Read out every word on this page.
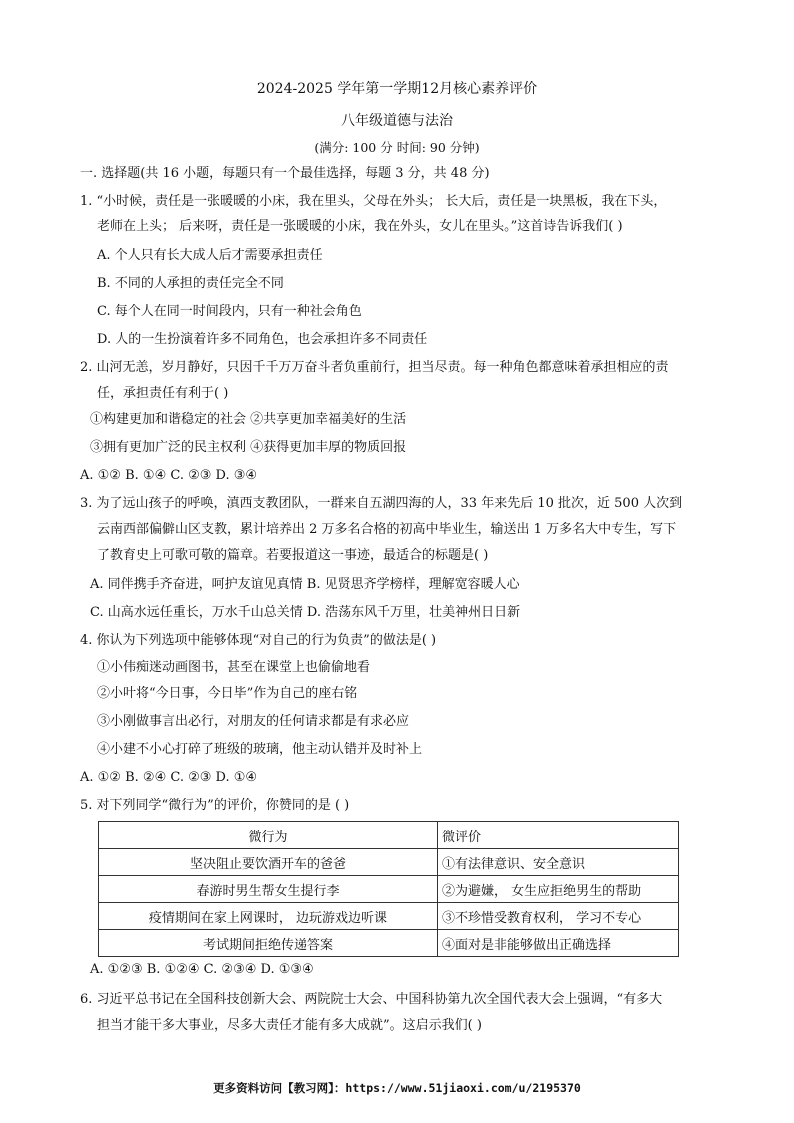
2024-2025 学年第一学期12月核心素养评价
八年级道德与法治
(满分: 100 分 时间: 90 分钟)
一. 选择题(共 16 小题，每题只有一个最佳选择，每题 3 分，共 48 分)
1. “小时候，责任是一张暖暖的小床，我在里头，父母在外头； 长大后，责任是一块黑板，我在下头，
老师在上头； 后来呀，责任是一张暖暖的小床，我在外头，女儿在里头。”这首诗告诉我们( )
A. 个人只有长大成人后才需要承担责任
B. 不同的人承担的责任完全不同
C. 每个人在同一时间段内，只有一种社会角色
D. 人的一生扮演着许多不同角色，也会承担许多不同责任
2. 山河无恙，岁月静好，只因千千万万奋斗者负重前行，担当尽责。每一种角色都意味着承担相应的责
任，承担责任有利于( )
①构建更加和谐稳定的社会 ②共享更加幸福美好的生活
③拥有更加广泛的民主权利 ④获得更加丰厚的物质回报
A. ①② B. ①④ C. ②③ D. ③④
3. 为了远山孩子的呼唤，滇西支教团队，一群来自五湖四海的人，33 年来先后 10 批次，近 500 人次到
云南西部偏僻山区支教，累计培养出 2 万多名合格的初高中毕业生，输送出 1 万多名大中专生，写下
了教育史上可歌可敬的篇章。若要报道这一事迹，最适合的标题是( )
A. 同伴携手齐奋进，呵护友谊见真情 B. 见贤思齐学榜样，理解宽容暖人心
C. 山高水远任重长，万水千山总关情 D. 浩荡东风千万里，壮美神州日日新
4. 你认为下列选项中能够体现“对自己的行为负责”的做法是( )
①小伟痴迷动画图书，甚至在课堂上也偷偷地看
②小叶将“今日事，今日毕”作为自己的座右铭
③小刚做事言出必行，对朋友的任何请求都是有求必应
④小建不小心打碎了班级的玻璃，他主动认错并及时补上
A. ①② B. ②④ C. ②③ D. ①④
5. 对下列同学“微行为”的评价，你赞同的是 ( )
微行为	微评价
坚决阻止要饮酒开车的爸爸	①有法律意识、安全意识
春游时男生帮女生提行李	②为避嫌， 女生应拒绝男生的帮助
疫情期间在家上网课时， 边玩游戏边听课	③不珍惜受教育权利， 学习不专心
考试期间拒绝传递答案	④面对是非能够做出正确选择
A. ①②③ B. ①②④ C. ②③④ D. ①③④
6. 习近平总书记在全国科技创新大会、两院院士大会、中国科协第九次全国代表大会上强调，“有多大
担当才能干多大事业，尽多大责任才能有多大成就”。这启示我们( )
更多资料访问【教习网】：https://www.51jiaoxi.com/u/2195370
